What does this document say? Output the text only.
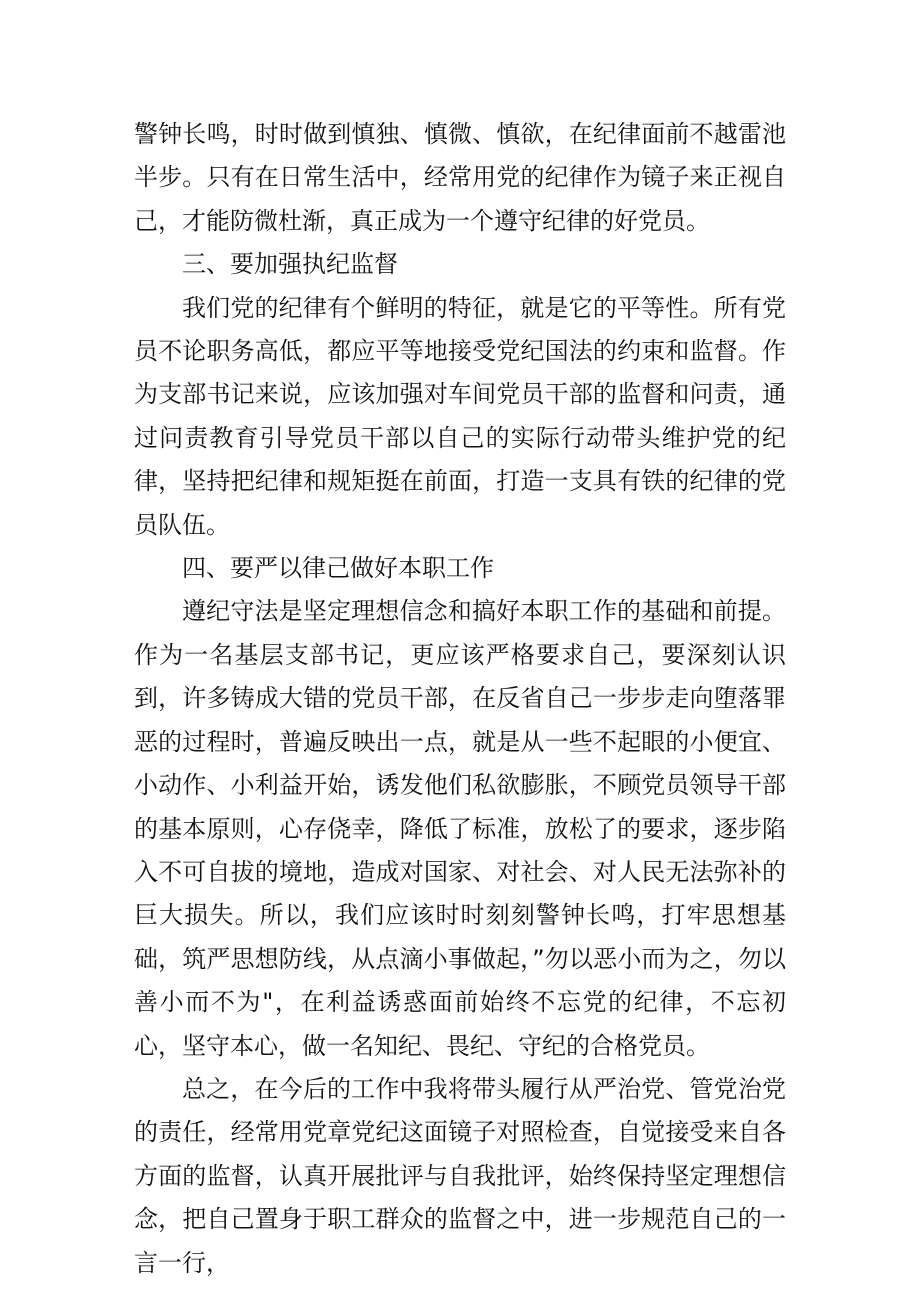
警钟长鸣，时时做到慎独、慎微、慎欲，在纪律面前不越雷池半步。只有在日常生活中，经常用党的纪律作为镜子来正视自己，才能防微杜渐，真正成为一个遵守纪律的好党员。

三、要加强执纪监督

我们党的纪律有个鲜明的特征，就是它的平等性。所有党员不论职务高低，都应平等地接受党纪国法的约束和监督。作为支部书记来说，应该加强对车间党员干部的监督和问责，通过问责教育引导党员干部以自己的实际行动带头维护党的纪律，坚持把纪律和规矩挺在前面，打造一支具有铁的纪律的党员队伍。

四、要严以律己做好本职工作

遵纪守法是坚定理想信念和搞好本职工作的基础和前提。作为一名基层支部书记，更应该严格要求自己，要深刻认识到，许多铸成大错的党员干部，在反省自己一步步走向堕落罪恶的过程时，普遍反映出一点，就是从一些不起眼的小便宜、小动作、小利益开始，诱发他们私欲膨胀，不顾党员领导干部的基本原则，心存侥幸，降低了标准，放松了的要求，逐步陷入不可自拔的境地，造成对国家、对社会、对人民无法弥补的巨大损失。所以，我们应该时时刻刻警钟长鸣，打牢思想基础，筑严思想防线，从点滴小事做起，”勿以恶小而为之，勿以善小而不为"，在利益诱惑面前始终不忘党的纪律，不忘初心，坚守本心，做一名知纪、畏纪、守纪的合格党员。

总之，在今后的工作中我将带头履行从严治党、管党治党的责任，经常用党章党纪这面镜子对照检查，自觉接受来自各方面的监督，认真开展批评与自我批评，始终保持坚定理想信念，把自己置身于职工群众的监督之中，进一步规范自己的一言一行，
